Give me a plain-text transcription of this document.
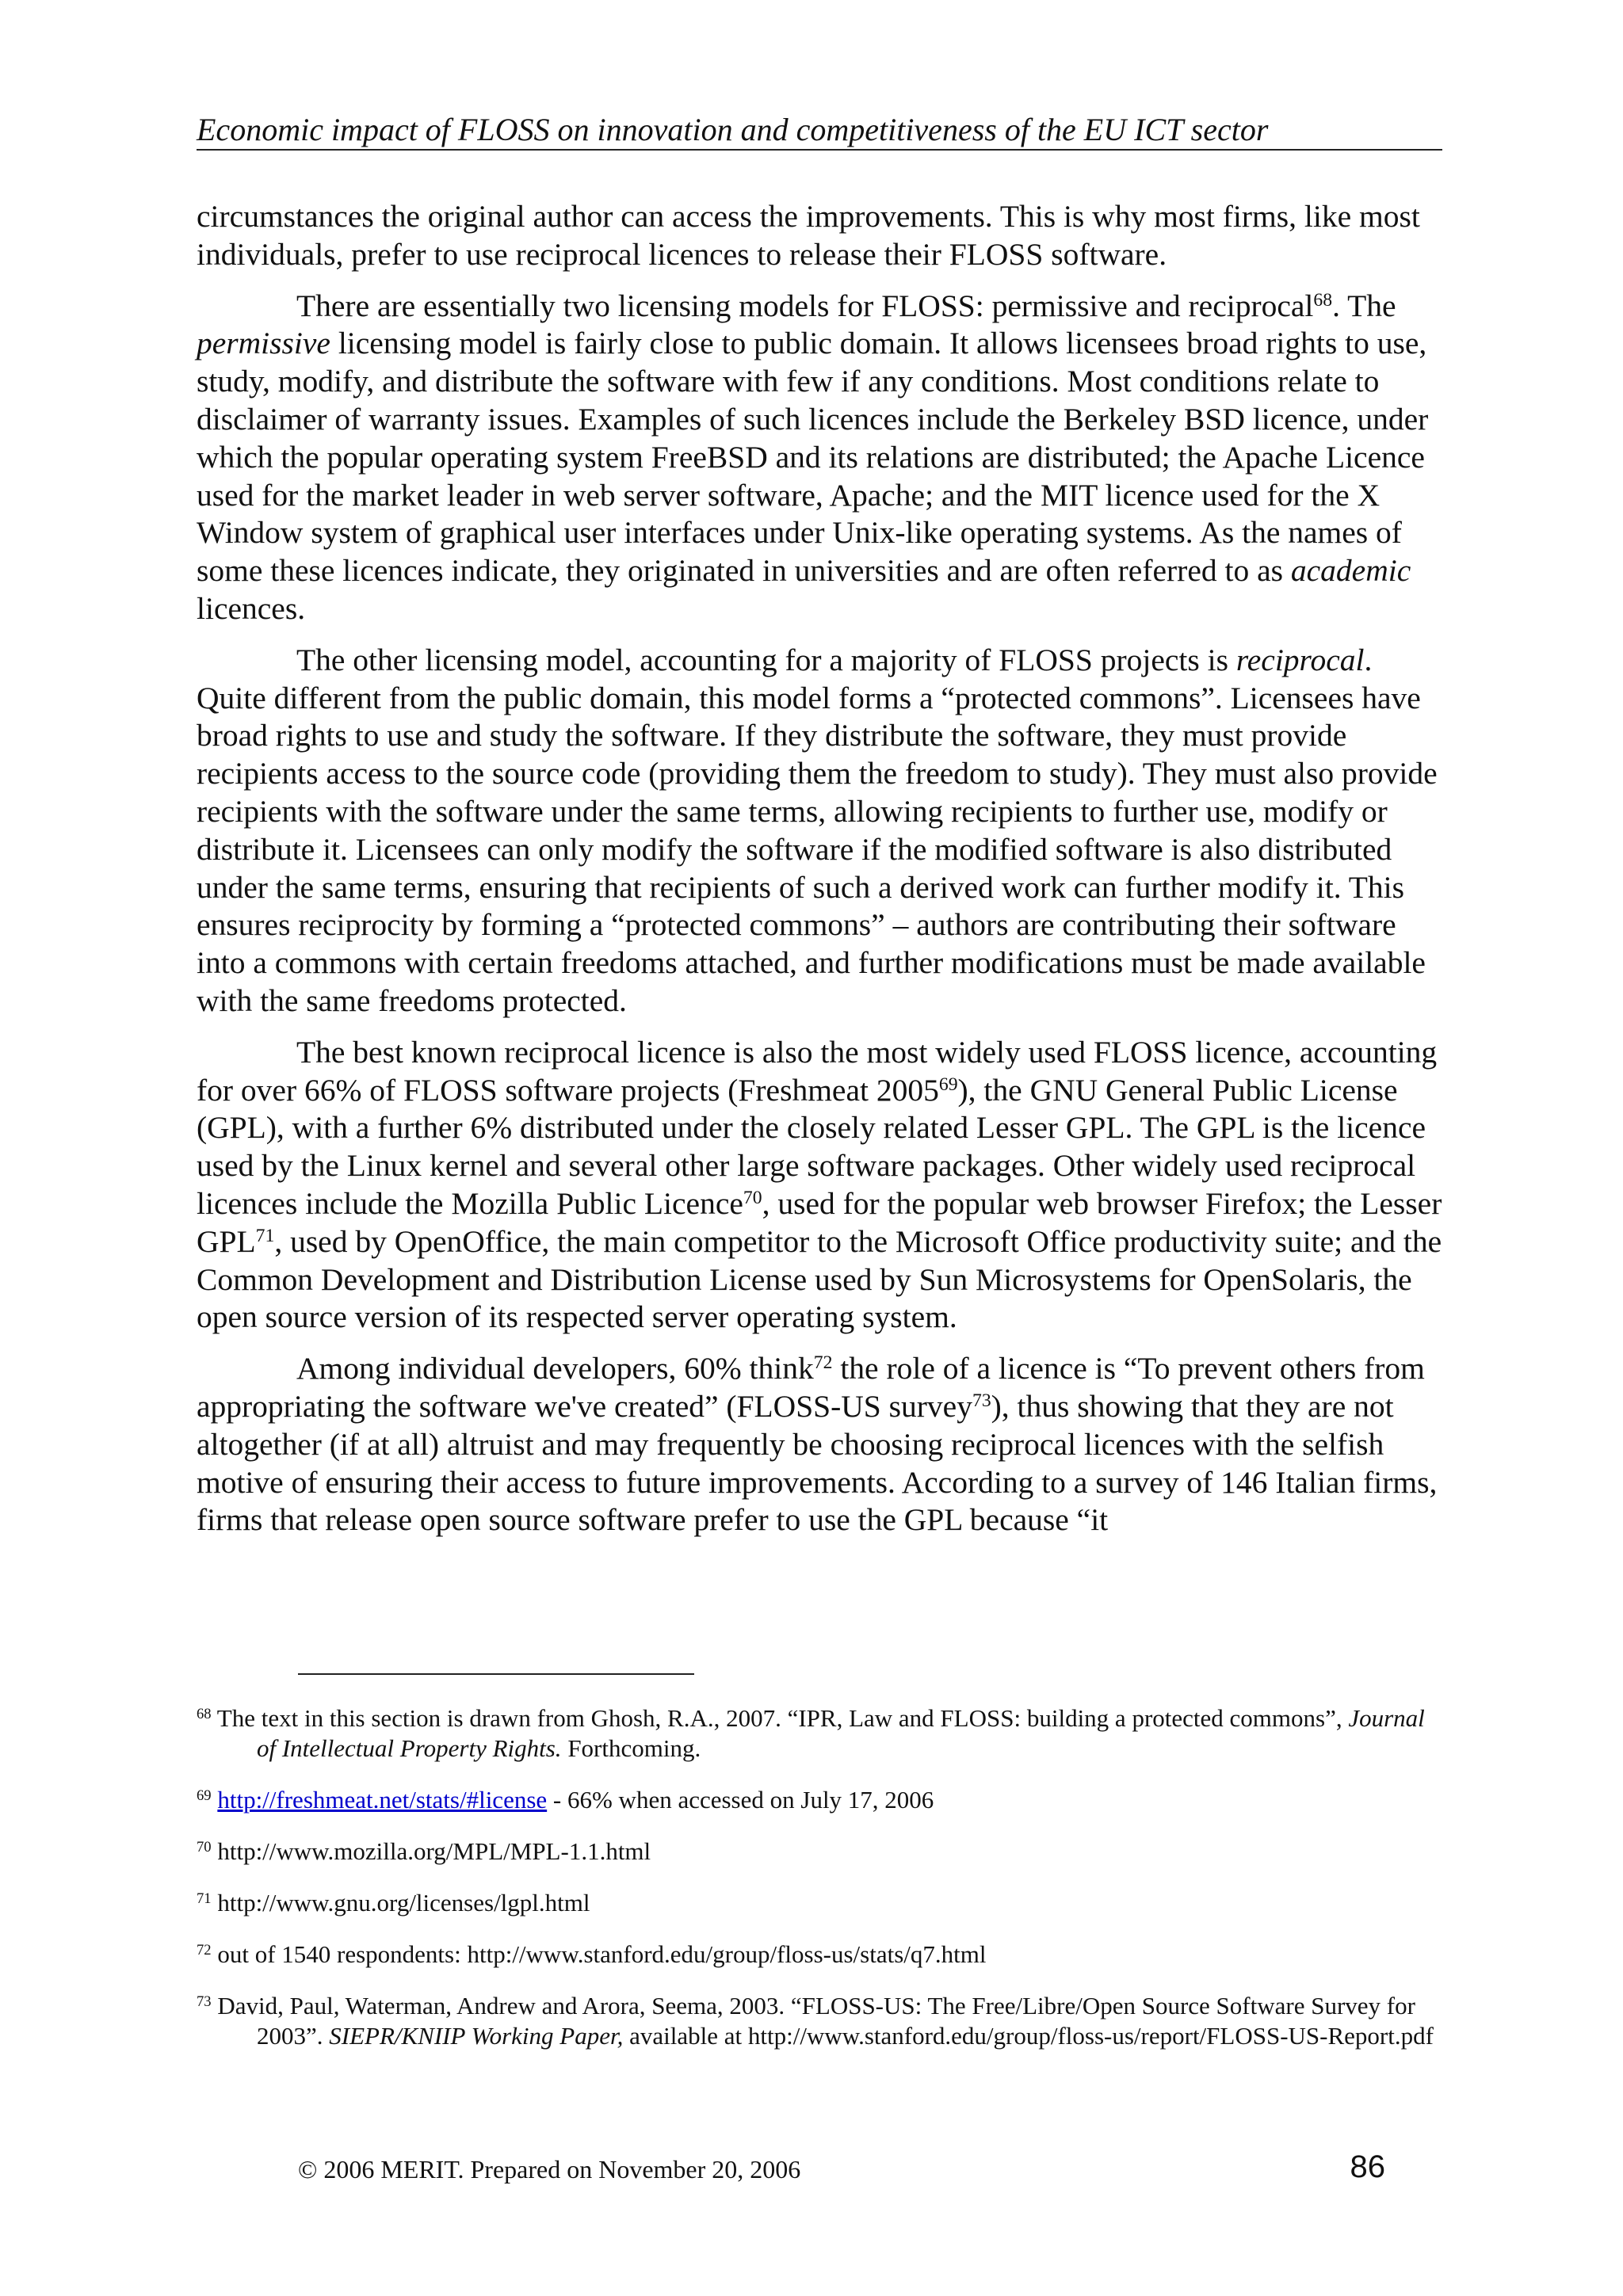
Economic impact of FLOSS on innovation and competitiveness of the EU ICT sector

circumstances the original author can access the improvements. This is why most firms, like most individuals, prefer to use reciprocal licences to release their FLOSS software.

There are essentially two licensing models for FLOSS: permissive and reciprocal$^{68}$. The permissive licensing model is fairly close to public domain. It allows licensees broad rights to use, study, modify, and distribute the software with few if any conditions. Most conditions relate to disclaimer of warranty issues. Examples of such licences include the Berkeley BSD licence, under which the popular operating system FreeBSD and its relations are distributed; the Apache Licence used for the market leader in web server software, Apache; and the MIT licence used for the X Window system of graphical user interfaces under Unix-like operating systems. As the names of some these licences indicate, they originated in universities and are often referred to as academic licences.

The other licensing model, accounting for a majority of FLOSS projects is reciprocal. Quite different from the public domain, this model forms a “protected commons”. Licensees have broad rights to use and study the software. If they distribute the software, they must provide recipients access to the source code (providing them the freedom to study). They must also provide recipients with the software under the same terms, allowing recipients to further use, modify or distribute it. Licensees can only modify the software if the modified software is also distributed under the same terms, ensuring that recipients of such a derived work can further modify it. This ensures reciprocity by forming a “protected commons” – authors are contributing their software into a commons with certain freedoms attached, and further modifications must be made available with the same freedoms protected.

The best known reciprocal licence is also the most widely used FLOSS licence, accounting for over 66% of FLOSS software projects (Freshmeat 2005$^{69}$), the GNU General Public License (GPL), with a further 6% distributed under the closely related Lesser GPL. The GPL is the licence used by the Linux kernel and several other large software packages. Other widely used reciprocal licences include the Mozilla Public Licence$^{70}$, used for the popular web browser Firefox; the Lesser GPL$^{71}$, used by OpenOffice, the main competitor to the Microsoft Office productivity suite; and the Common Development and Distribution License used by Sun Microsystems for OpenSolaris, the open source version of its respected server operating system.

Among individual developers, 60% think$^{72}$ the role of a licence is “To prevent others from appropriating the software we've created” (FLOSS-US survey$^{73}$), thus showing that they are not altogether (if at all) altruist and may frequently be choosing reciprocal licences with the selfish motive of ensuring their access to future improvements. According to a survey of 146 Italian firms, firms that release open source software prefer to use the GPL because “it

$^{68}$ The text in this section is drawn from Ghosh, R.A., 2007. “IPR, Law and FLOSS: building a protected commons”, Journal of Intellectual Property Rights. Forthcoming.
$^{69}$ http://freshmeat.net/stats/#license - 66% when accessed on July 17, 2006
$^{70}$ http://www.mozilla.org/MPL/MPL-1.1.html
$^{71}$ http://www.gnu.org/licenses/lgpl.html
$^{72}$ out of 1540 respondents: http://www.stanford.edu/group/floss-us/stats/q7.html
$^{73}$ David, Paul, Waterman, Andrew and Arora, Seema, 2003. “FLOSS-US: The Free/Libre/Open Source Software Survey for 2003”. SIEPR/KNIIP Working Paper, available at http://www.stanford.edu/group/floss-us/report/FLOSS-US-Report.pdf
© 2006 MERIT. Prepared on November 20, 2006	86
